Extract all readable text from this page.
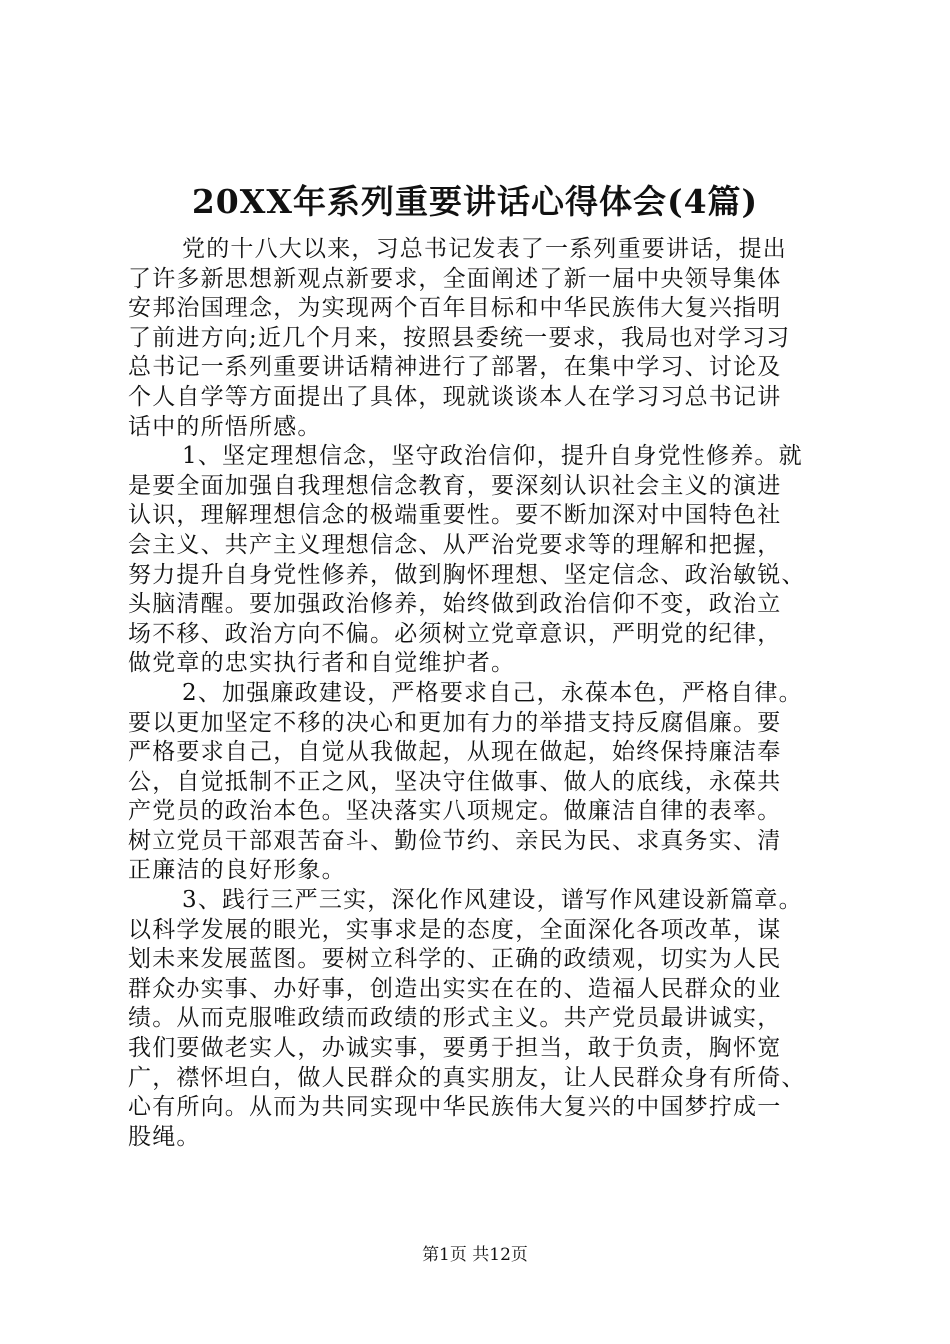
20XX年系列重要讲话心得体会(4篇)
党的十八大以来，习总书记发表了一系列重要讲话，提出
了许多新思想新观点新要求，全面阐述了新一届中央领导集体
安邦治国理念，为实现两个百年目标和中华民族伟大复兴指明
了前进方向;近几个月来，按照县委统一要求，我局也对学习习
总书记一系列重要讲话精神进行了部署，在集中学习、讨论及
个人自学等方面提出了具体，现就谈谈本人在学习习总书记讲
话中的所悟所感。
1、坚定理想信念，坚守政治信仰，提升自身党性修养。就
是要全面加强自我理想信念教育，要深刻认识社会主义的演进
认识，理解理想信念的极端重要性。要不断加深对中国特色社
会主义、共产主义理想信念、从严治党要求等的理解和把握，
努力提升自身党性修养，做到胸怀理想、坚定信念、政治敏锐、
头脑清醒。要加强政治修养，始终做到政治信仰不变，政治立
场不移、政治方向不偏。必须树立党章意识，严明党的纪律，
做党章的忠实执行者和自觉维护者。
2、加强廉政建设，严格要求自己，永葆本色，严格自律。
要以更加坚定不移的决心和更加有力的举措支持反腐倡廉。要
严格要求自己，自觉从我做起，从现在做起，始终保持廉洁奉
公，自觉抵制不正之风，坚决守住做事、做人的底线，永葆共
产党员的政治本色。坚决落实八项规定。做廉洁自律的表率。
树立党员干部艰苦奋斗、勤俭节约、亲民为民、求真务实、清
正廉洁的良好形象。
3、践行三严三实，深化作风建设，谱写作风建设新篇章。
以科学发展的眼光，实事求是的态度，全面深化各项改革，谋
划未来发展蓝图。要树立科学的、正确的政绩观，切实为人民
群众办实事、办好事，创造出实实在在的、造福人民群众的业
绩。从而克服唯政绩而政绩的形式主义。共产党员最讲诚实，
我们要做老实人，办诚实事，要勇于担当，敢于负责，胸怀宽
广，襟怀坦白，做人民群众的真实朋友，让人民群众身有所倚、
心有所向。从而为共同实现中华民族伟大复兴的中国梦拧成一
股绳。
第1页 共12页
